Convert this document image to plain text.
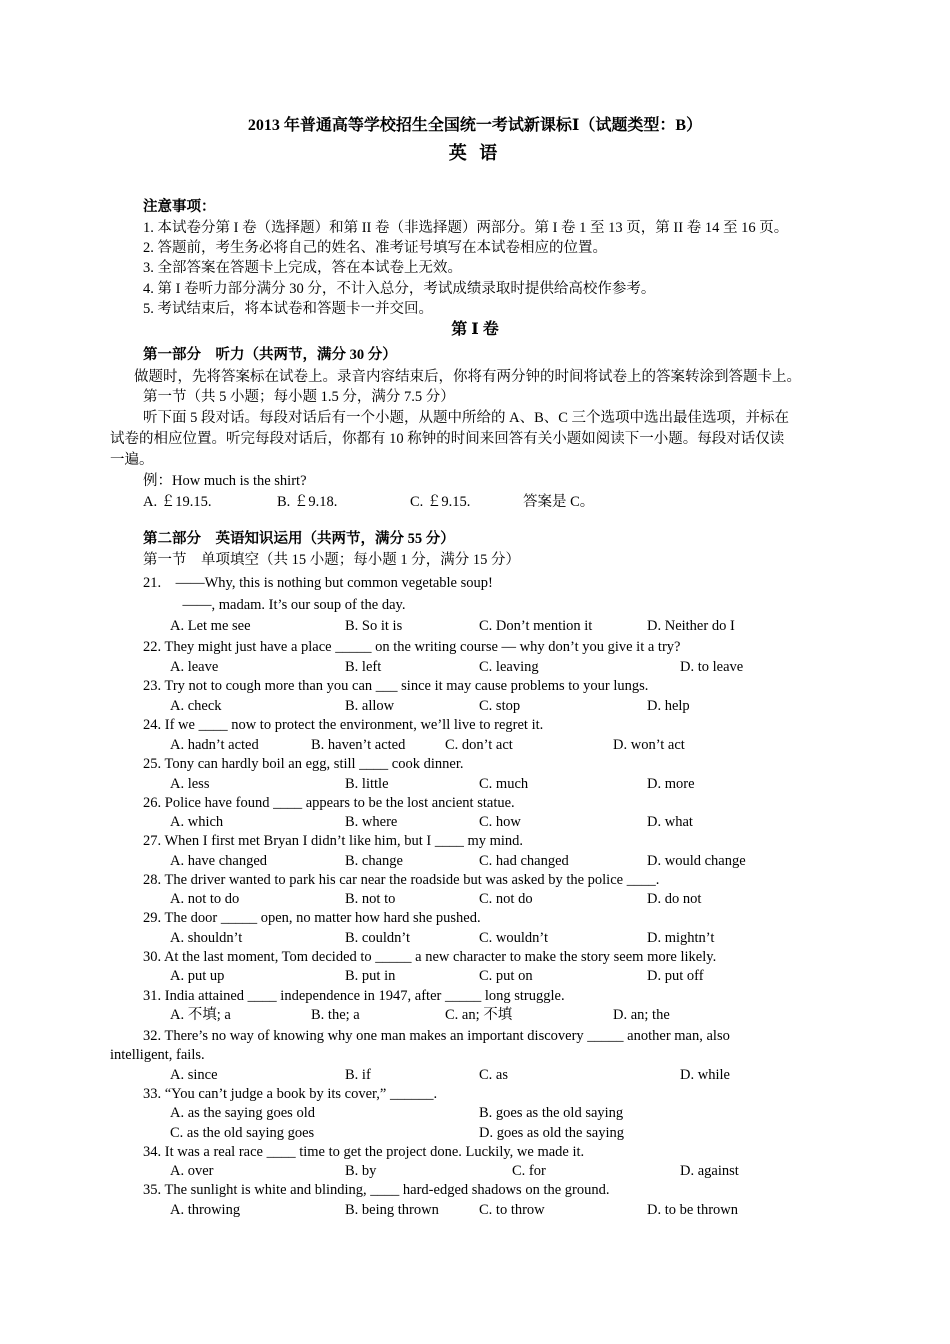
2013 年普通高等学校招生全国统一考试新课标Ⅰ（试题类型：B）
英 语
注意事项：
1. 本试卷分第 I 卷（选择题）和第 II 卷（非选择题）两部分。第 I 卷 1 至 13 页，第 II 卷 14 至 16 页。
2. 答题前，考生务必将自己的姓名、准考证号填写在本试卷相应的位置。
3. 全部答案在答题卡上完成，答在本试卷上无效。
4. 第 I 卷听力部分满分 30 分，不计入总分，考试成绩录取时提供给高校作参考。
5. 考试结束后，将本试卷和答题卡一并交回。
第 Ⅰ 卷
第一部分　听力（共两节，满分 30 分）
做题时，先将答案标在试卷上。录音内容结束后，你将有两分钟的时间将试卷上的答案转涂到答题卡上。
第一节（共 5 小题；每小题 1.5 分，满分 7.5 分）
听下面 5 段对话。每段对话后有一个小题，从题中所给的 A、B、C 三个选项中选出最佳选项，并标在
试卷的相应位置。听完每段对话后，你都有 10 称钟的时间来回答有关小题如阅读下一小题。每段对话仅读
一遍。
例：How much is the shirt?
A. ￡19.15.	B. ￡9.18.	C. ￡9.15.	答案是 C。
第二部分　英语知识运用（共两节，满分 55 分）
第一节　单项填空（共 15 小题；每小题 1 分，满分 15 分）
21.　——Why, this is nothing but common vegetable soup!
　——, madam. It’s our soup of the day.
A. Let me see	B. So it is	C. Don’t mention it	D. Neither do I
22. They might just have a place _____ on the writing course — why don’t you give it a try?
A. leave	B. left	C. leaving	D. to leave
23. Try not to cough more than you can ___ since it may cause problems to your lungs.
A. check	B. allow	C. stop	D. help
24. If we ____ now to protect the environment, we’ll live to regret it.
A. hadn’t acted	B. haven’t acted	C. don’t act	D. won’t act
25. Tony can hardly boil an egg, still ____ cook dinner.
A. less	B. little	C. much	D. more
26. Police have found ____ appears to be the lost ancient statue.
A. which	B. where	C. how	D. what
27. When I first met Bryan I didn’t like him, but I ____ my mind.
A. have changed	B. change	C. had changed	D. would change
28. The driver wanted to park his car near the roadside but was asked by the police ____.
A. not to do	B. not to	C. not do	D. do not
29. The door _____ open, no matter how hard she pushed.
A. shouldn’t	B. couldn’t	C. wouldn’t	D. mightn’t
30. At the last moment, Tom decided to _____ a new character to make the story seem more likely.
A. put up	B. put in	C. put on	D. put off
31. India attained ____ independence in 1947, after _____ long struggle.
A. 不填; a	B. the; a	C. an; 不填	D. an; the
32. There’s no way of knowing why one man makes an important discovery _____ another man, also
intelligent, fails.
A. since	B. if	C. as	D. while
33. “You can’t judge a book by its cover,” ______.
A. as the saying goes old	B. goes as the old saying
C. as the old saying goes	D. goes as old the saying
34. It was a real race ____ time to get the project done. Luckily, we made it.
A. over	B. by	C. for	D. against
35. The sunlight is white and blinding, ____ hard-edged shadows on the ground.
A. throwing	B. being thrown	C. to throw	D. to be thrown
